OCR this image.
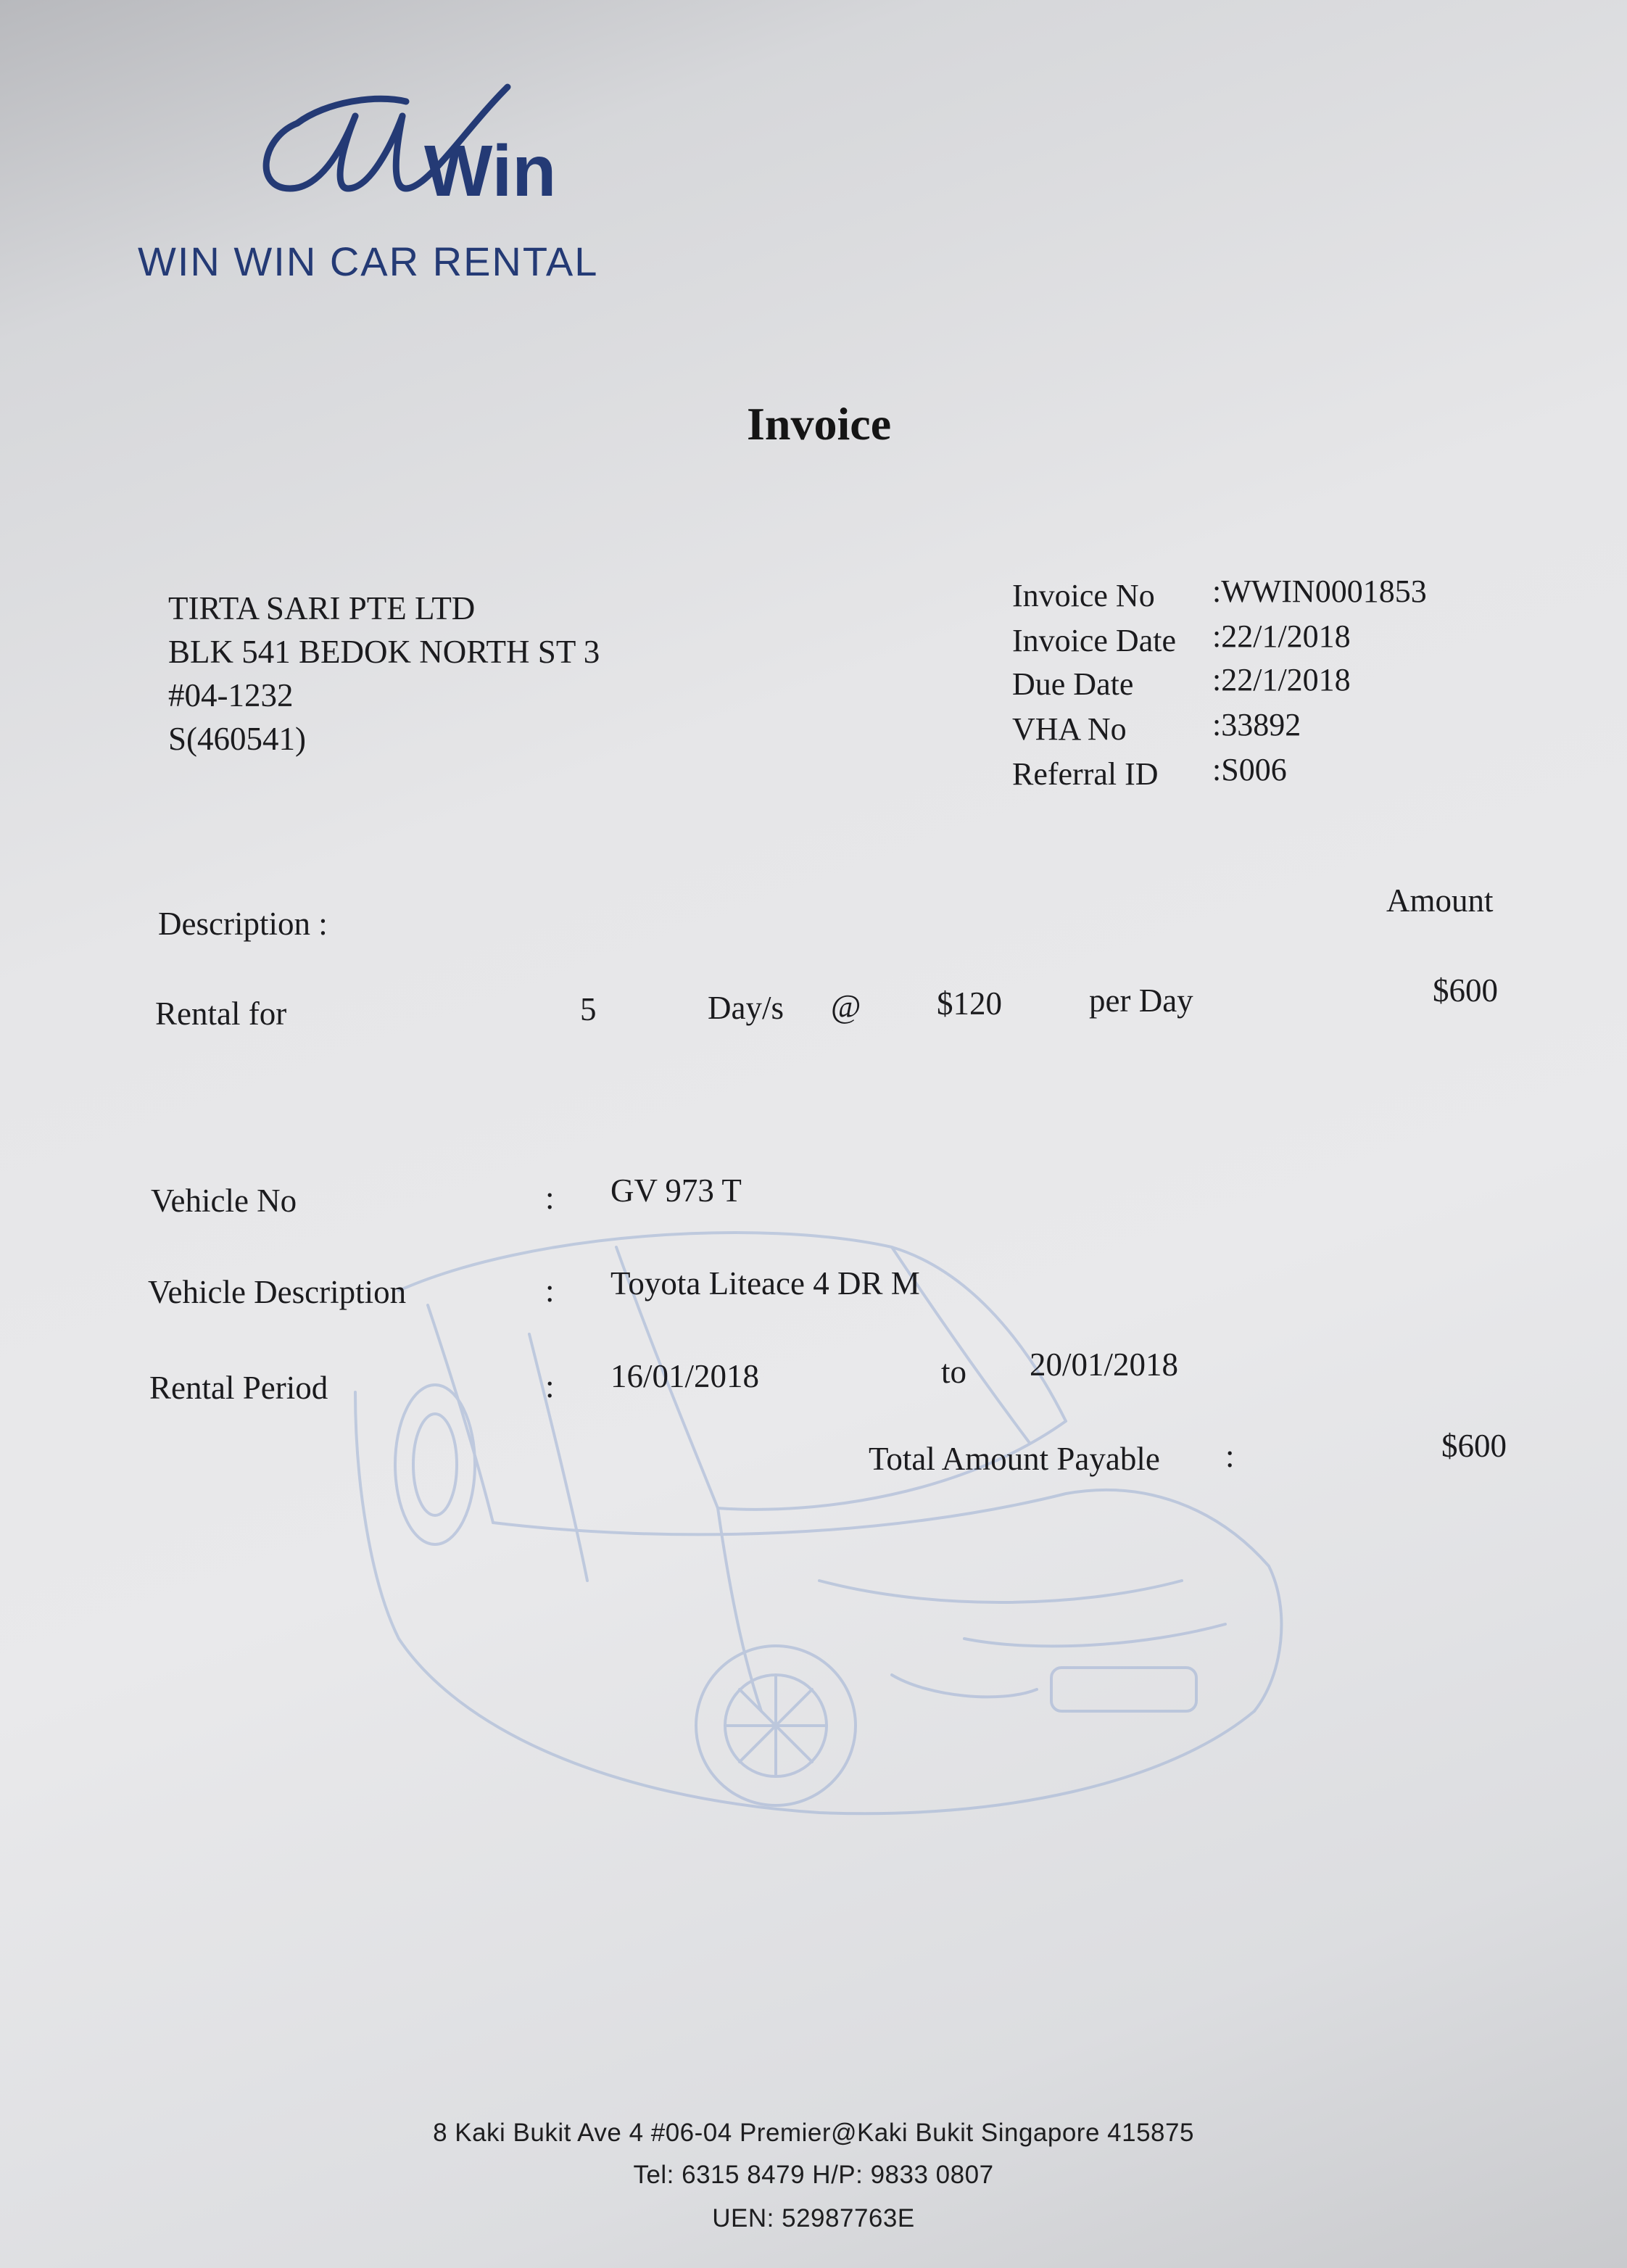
Win
WIN WIN CAR RENTAL
Invoice
TIRTA SARI PTE LTD
BLK 541 BEDOK NORTH ST 3
#04-1232
S(460541)
Invoice No :WWIN0001853
Invoice Date :22/1/2018
Due Date :22/1/2018
VHA No	:33892
Referral ID :S006
Description :
Amount
Rental for	5	Day/s @ $120	per Day	$600
Vehicle No	: GV 973 T
Vehicle Description	: Toyota Liteace 4 DR M
Rental Period	: 16/01/2018	to 20/01/2018
Total Amount Payable :	$600
8 Kaki Bukit Ave 4 #06-04 Premier@Kaki Bukit Singapore 415875
Tel: 6315 8479 H/P: 9833 0807
UEN: 52987763E
